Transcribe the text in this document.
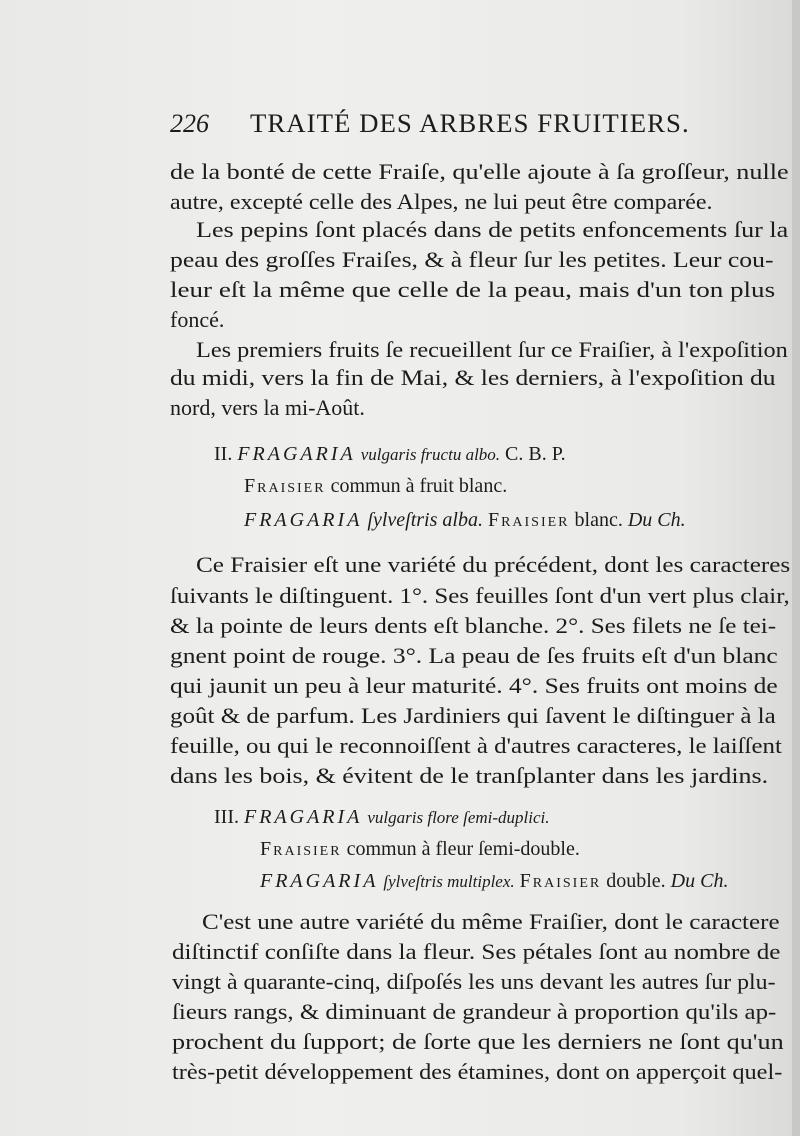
226 TRAITÉ DES ARBRES FRUITIERS.
de la bonté de cette Fraiſe, qu'elle ajoute à ſa groſſeur, nulle
autre, excepté celle des Alpes, ne lui peut être comparée.
Les pepins ſont placés dans de petits enfoncements ſur la
peau des groſſes Fraiſes, & à fleur ſur les petites. Leur cou-
leur eſt la même que celle de la peau, mais d'un ton plus
foncé.
Les premiers fruits ſe recueillent ſur ce Fraiſier, à l'expoſition
du midi, vers la fin de Mai, & les derniers, à l'expoſition du
nord, vers la mi-Août.
II. FRAGARIA vulgaris fructu albo. C. B. P.
Fraisier commun à fruit blanc.
FRAGARIA ſylveſtris alba. Fraisier blanc. Du Ch.
Ce Fraisier eſt une variété du précédent, dont les caracteres
ſuivants le diſtinguent. 1°. Ses feuilles ſont d'un vert plus clair,
& la pointe de leurs dents eſt blanche. 2°. Ses filets ne ſe tei-
gnent point de rouge. 3°. La peau de ſes fruits eſt d'un blanc
qui jaunit un peu à leur maturité. 4°. Ses fruits ont moins de
goût & de parfum. Les Jardiniers qui ſavent le diſtinguer à la
feuille, ou qui le reconnoiſſent à d'autres caracteres, le laiſſent
dans les bois, & évitent de le tranſplanter dans les jardins.
III. FRAGARIA vulgaris flore ſemi-duplici.
Fraisier commun à fleur ſemi-double.
FRAGARIA ſylveſtris multiplex. Fraisier double. Du Ch.
C'est une autre variété du même Fraiſier, dont le caractere
diſtinctif conſiſte dans la fleur. Ses pétales ſont au nombre de
vingt à quarante-cinq, diſpoſés les uns devant les autres ſur plu-
ſieurs rangs, & diminuant de grandeur à proportion qu'ils ap-
prochent du ſupport; de ſorte que les derniers ne ſont qu'un
très-petit développement des étamines, dont on apperçoit quel-
